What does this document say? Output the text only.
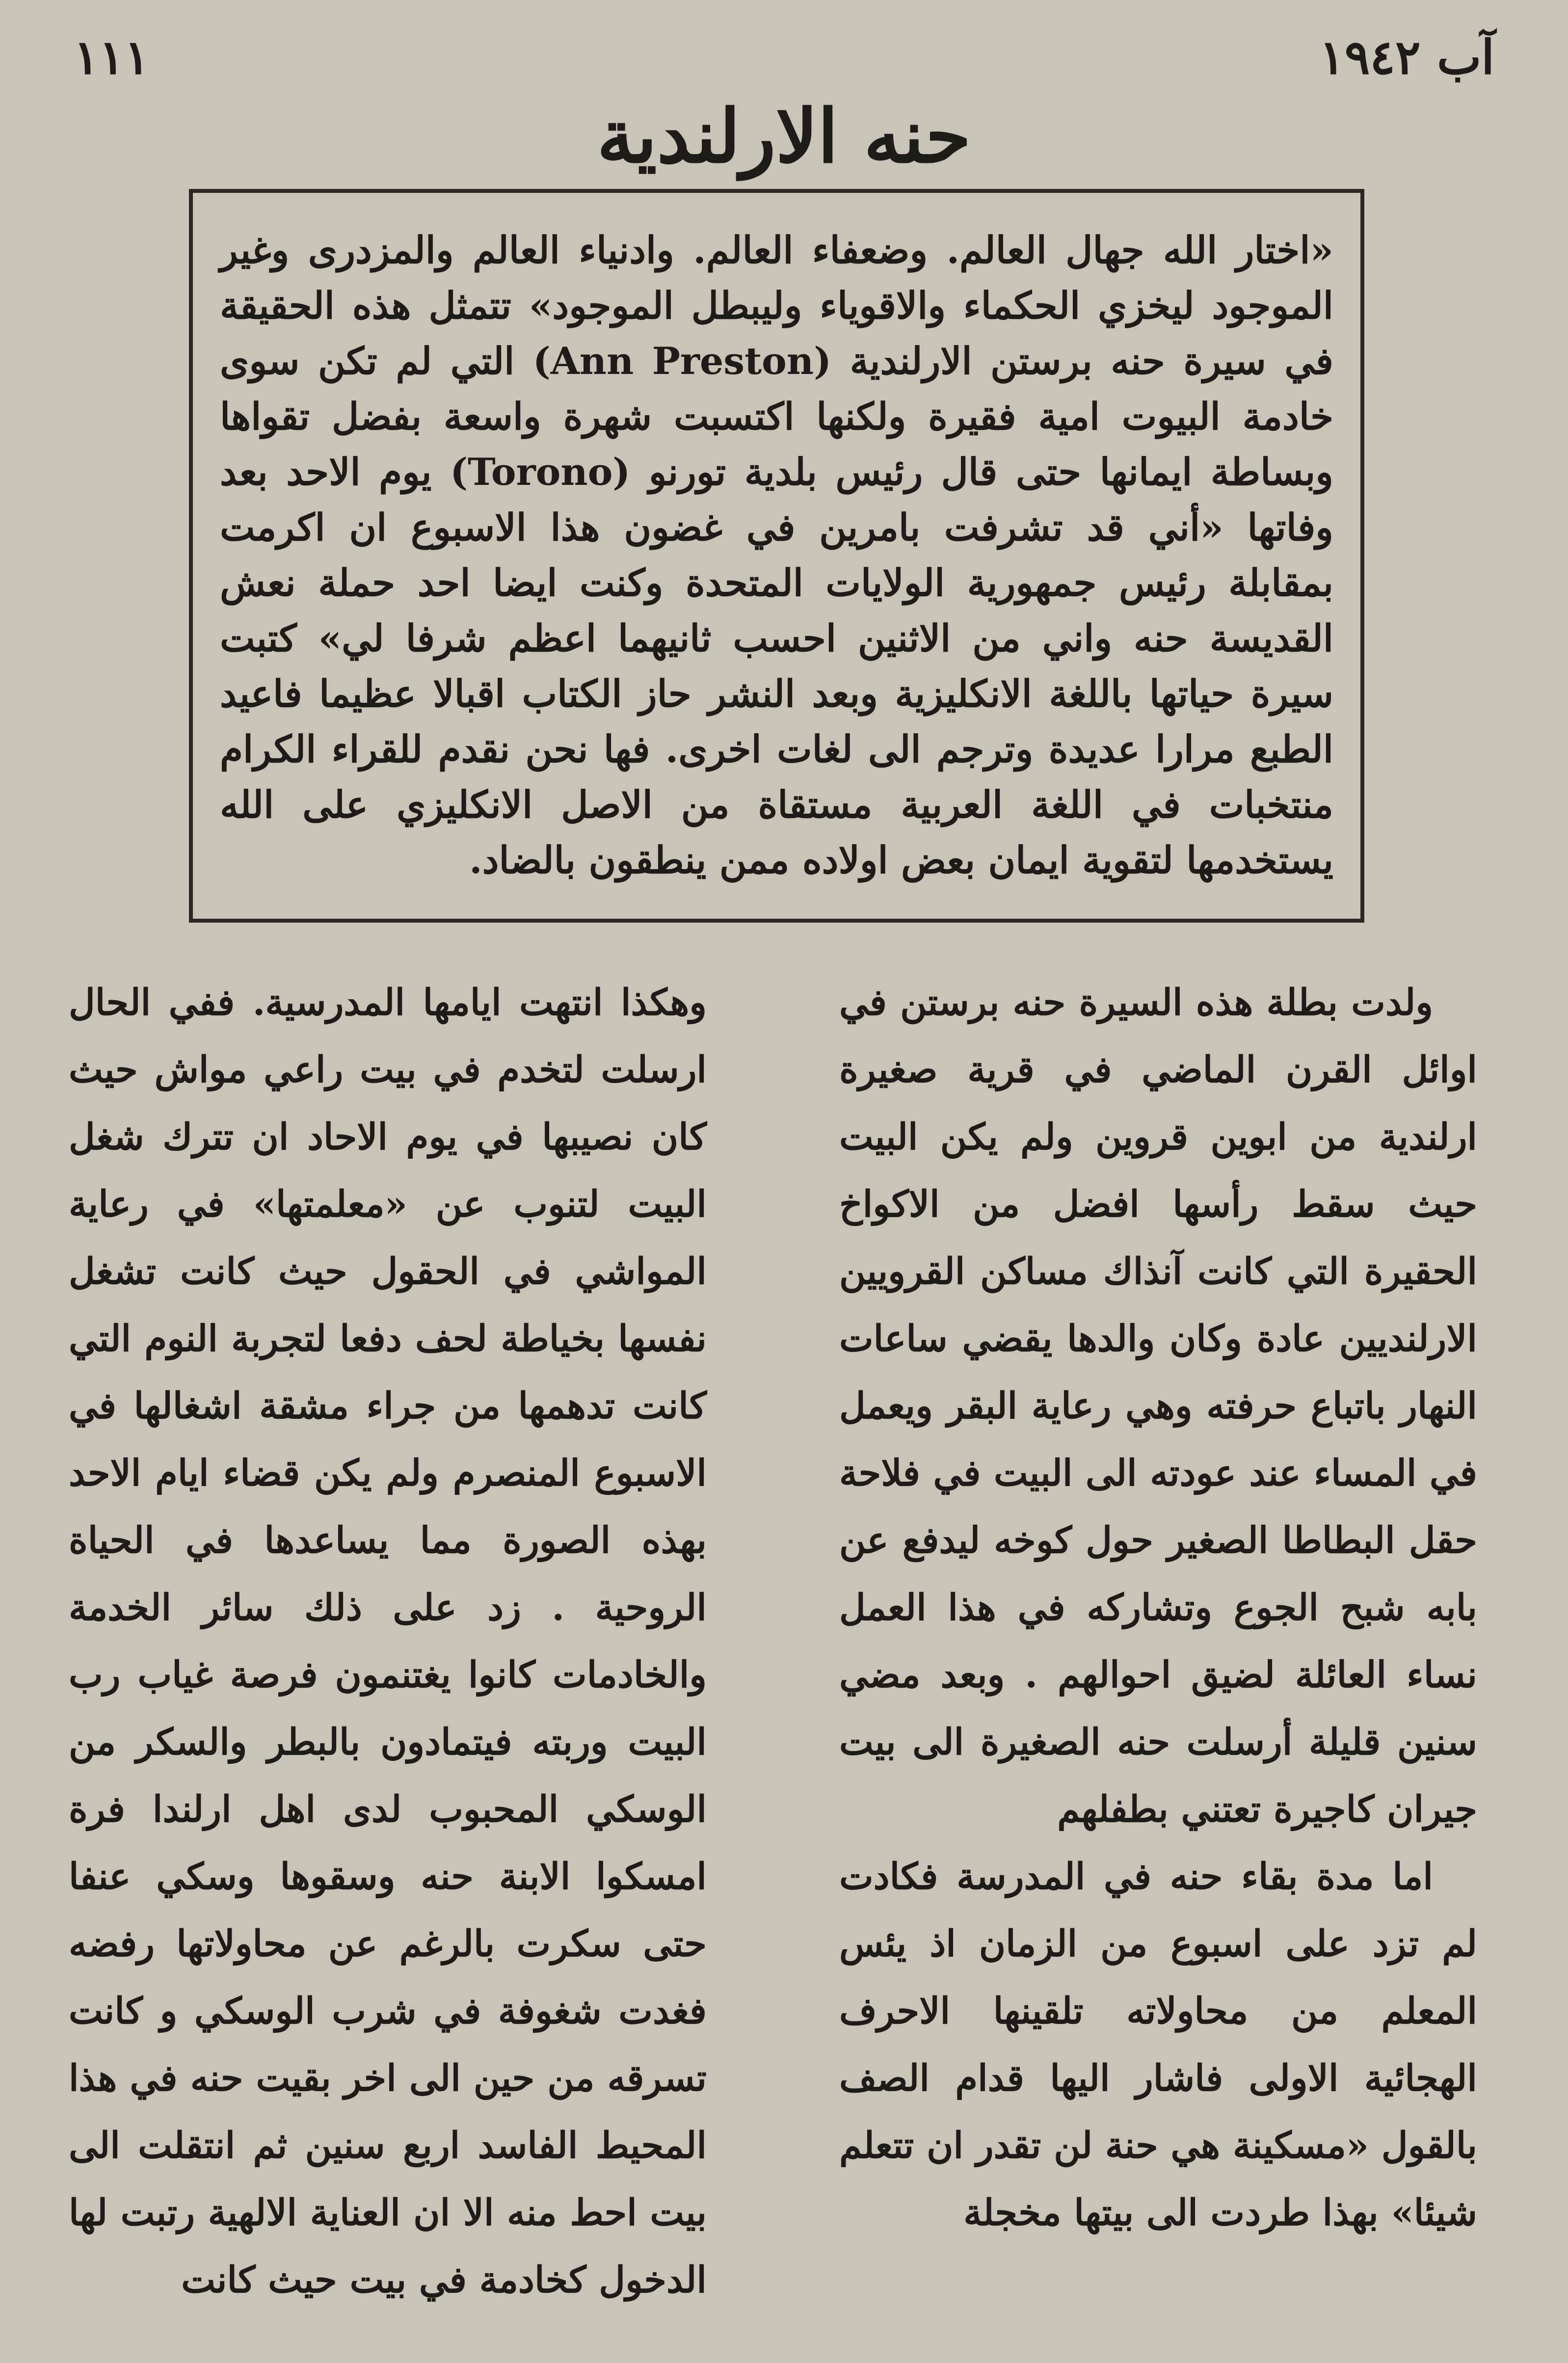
آب ١٩٤٢
١١١
حنه الارلندية

«اختار الله جهال العالم. وضعفاء العالم. وادنياء العالم والمزدرى وغير الموجود ليخزي الحكماء والاقوياء وليبطل الموجود» تتمثل هذه الحقيقة في سيرة حنه برستن الارلندية (Ann Preston) التي لم تكن سوى خادمة البيوت امية فقيرة ولكنها اكتسبت شهرة واسعة بفضل تقواها وبساطة ايمانها حتى قال رئيس بلدية تورنو (Torono) يوم الاحد بعد وفاتها «أني قد تشرفت بامرين في غضون هذا الاسبوع ان اكرمت بمقابلة رئيس جمهورية الولايات المتحدة وكنت ايضا احد حملة نعش القديسة حنه واني من الاثنين احسب ثانيهما اعظم شرفا لي» كتبت سيرة حياتها باللغة الانكليزية وبعد النشر حاز الكتاب اقبالا عظيما فاعيد الطبع مرارا عديدة وترجم الى لغات اخرى. فها نحن نقدم للقراء الكرام منتخبات في اللغة العربية مستقاة من الاصل الانكليزي على الله يستخدمها لتقوية ايمان بعض اولاده ممن ينطقون بالضاد.

ولدت بطلة هذه السيرة حنه برستن في اوائل القرن الماضي في قرية صغيرة ارلندية من ابوين قروين ولم يكن البيت حيث سقط رأسها افضل من الاكواخ الحقيرة التي كانت آنذاك مساكن القرويين الارلنديين عادة وكان والدها يقضي ساعات النهار باتباع حرفته وهي رعاية البقر ويعمل في المساء عند عودته الى البيت في فلاحة حقل البطاطا الصغير حول كوخه ليدفع عن بابه شبح الجوع وتشاركه في هذا العمل نساء العائلة لضيق احوالهم . وبعد مضي سنين قليلة أرسلت حنه الصغيرة الى بيت جيران كاجيرة تعتني بطفلهم

اما مدة بقاء حنه في المدرسة فكادت لم تزد على اسبوع من الزمان اذ يئس المعلم من محاولاته تلقينها الاحرف الهجائية الاولى فاشار اليها قدام الصف بالقول «مسكينة هي حنة لن تقدر ان تتعلم شيئا» بهذا طردت الى بيتها مخجلة

وهكذا انتهت ايامها المدرسية. ففي الحال ارسلت لتخدم في بيت راعي مواش حيث كان نصيبها في يوم الاحاد ان تترك شغل البيت لتنوب عن «معلمتها» في رعاية المواشي في الحقول حيث كانت تشغل نفسها بخياطة لحف دفعا لتجربة النوم التي كانت تدهمها من جراء مشقة اشغالها في الاسبوع المنصرم ولم يكن قضاء ايام الاحد بهذه الصورة مما يساعدها في الحياة الروحية . زد على ذلك سائر الخدمة والخادمات كانوا يغتنمون فرصة غياب رب البيت وربته فيتمادون بالبطر والسكر من الوسكي المحبوب لدى اهل ارلندا فرة امسكوا الابنة حنه وسقوها وسكي عنفا حتى سكرت بالرغم عن محاولاتها رفضه فغدت شغوفة في شرب الوسكي و كانت تسرقه من حين الى اخر بقيت حنه في هذا المحيط الفاسد اربع سنين ثم انتقلت الى بيت احط منه الا ان العناية الالهية رتبت لها الدخول كخادمة في بيت حيث كانت
